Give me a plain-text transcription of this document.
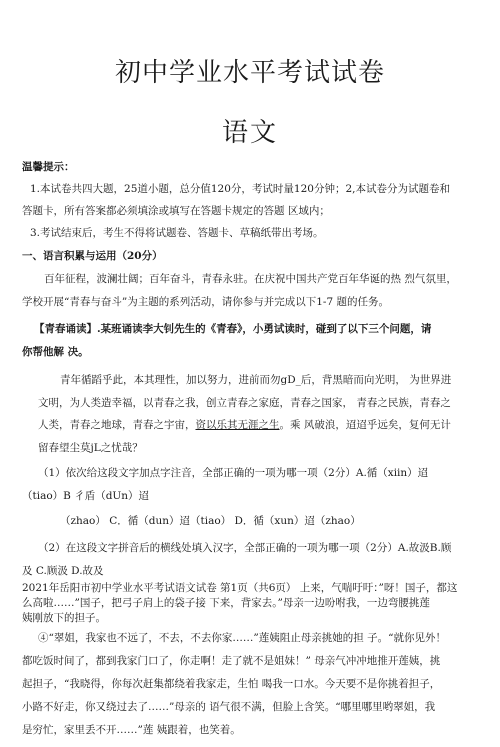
初中学业水平考试试卷
语文
温馨提示：
1.本试卷共四大题，25道小题，总分值120分，考试时量120分钟；2,本试卷分为试题卷和
答题卡，所有答案都必须填涂或填写在答题卡规定的答题 区域内；
3.考试结束后，考生不得将试题卷、答题卡、草稿纸带出考场。
一、语言积累与运用（20分）
百年征程，波澜壮阔；百年奋斗，青春永驻。在庆祝中国共产党百年华诞的热 烈气氛里，
学校开展“青春与奋斗”为主题的系列活动，请你参与并完成以下1-7 题的任务。
【青春诵读】.某班诵读李大钊先生的《青春》，小勇试读时，碰到了以下三个问题，请
你帮他解 决。
青年循蹈乎此，本其理性，加以努力，进前而勿gD_后，背黑暗而向光明， 为世界进
文明，为人类造幸福，以青春之我，创立青春之家庭，青春之国家， 青春之民族，青春之
人类，青春之地球，青春之宇宙，资以乐其无涯之生。乘 风破浪，迢迢乎远矣，复何无计
留春望尘莫jL之忧哉？
（1）依次给这段文字加点字注音，全部正确的一项为哪一项（2分）A.循（xiin）迢
（tiao）B 彳盾（dUn）迢
（zhao） C．循（dun）迢（tiao） D．循（xun）迢（zhao）
（2）在这段文字拼音后的横线处填入汉字，全部正确的一项为哪一项（2分）A.故汲B.顾
及 C.顾汲 D.故及
2021年岳阳市初中学业水平考试语文试卷 第1页（共6页） 上来，气喘吁吁：”呀！国子，都这
么高啦……”国子，把弓子肩上的袋子接 下来，背家去。”母亲一边吩咐我，一边弯腰挑莲
姨刚放下的担子。
④“翠姐，我家也不远了，不去，不去你家……”莲姨阻止母亲挑她的担 子。“就你见外！
都吃饭时间了，都到我家门口了，你走啊！走了就不是姐妹！” 母亲气冲冲地推开莲姨，挑
起担子，“我晓得，你每次赶集都绕着我家走，生怕 喝我一口水。今天要不是你挑着担子，
小路不好走，你又绕过去了……”母亲的 语气很不满，但脸上含笑。“哪里哪里哟翠姐，我
是穷忙，家里丢不开……”莲 姨跟着，也笑着。
